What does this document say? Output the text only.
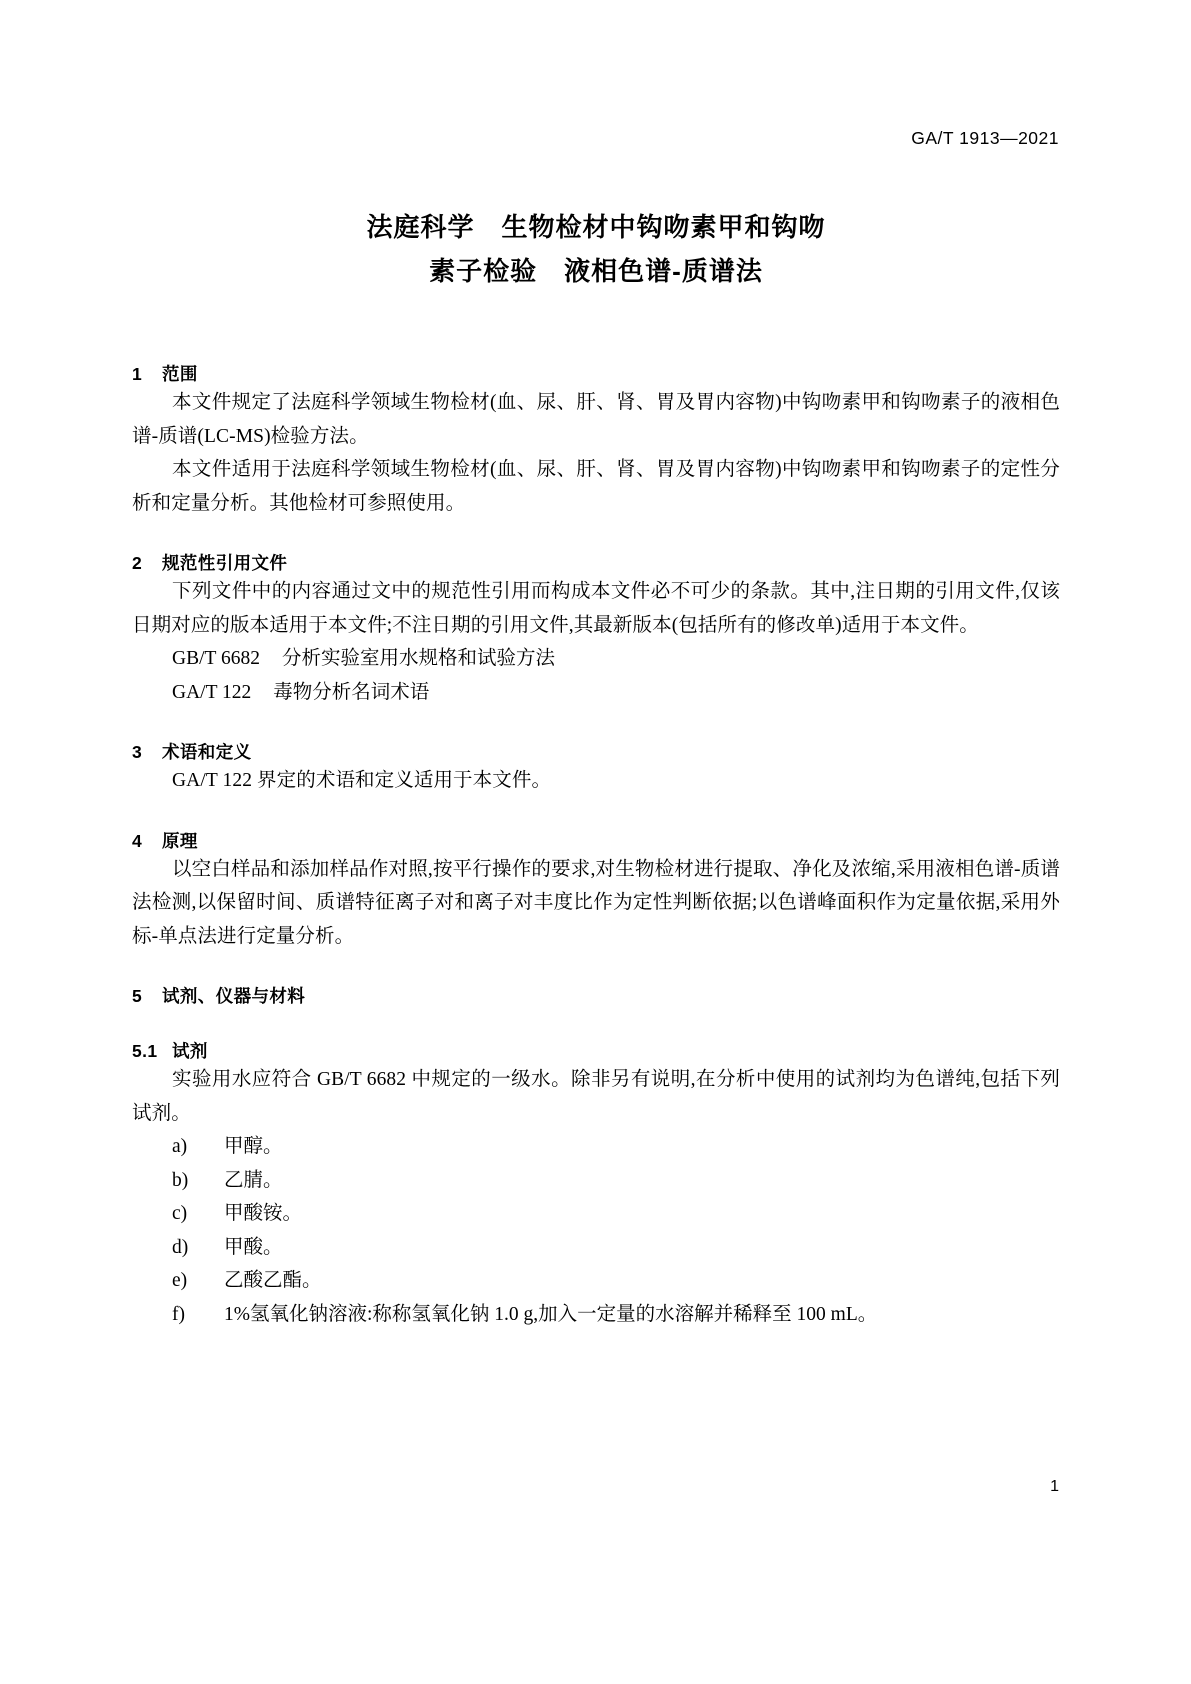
GA/T 1913—2021
法庭科学　生物检材中钩吻素甲和钩吻
素子检验　液相色谱-质谱法
1 范围

本文件规定了法庭科学领域生物检材(血、尿、肝、肾、胃及胃内容物)中钩吻素甲和钩吻素子的液相色谱-质谱(LC-MS)检验方法。

本文件适用于法庭科学领域生物检材(血、尿、肝、肾、胃及胃内容物)中钩吻素甲和钩吻素子的定性分析和定量分析。其他检材可参照使用。

2 规范性引用文件

下列文件中的内容通过文中的规范性引用而构成本文件必不可少的条款。其中,注日期的引用文件,仅该日期对应的版本适用于本文件;不注日期的引用文件,其最新版本(包括所有的修改单)适用于本文件。

GB/T 6682 分析实验室用水规格和试验方法

GA/T 122 毒物分析名词术语

3 术语和定义

GA/T 122 界定的术语和定义适用于本文件。

4 原理

以空白样品和添加样品作对照,按平行操作的要求,对生物检材进行提取、净化及浓缩,采用液相色谱-质谱法检测,以保留时间、质谱特征离子对和离子对丰度比作为定性判断依据;以色谱峰面积作为定量依据,采用外标-单点法进行定量分析。

5 试剂、仪器与材料
5.1 试剂

实验用水应符合 GB/T 6682 中规定的一级水。除非另有说明,在分析中使用的试剂均为色谱纯,包括下列试剂。

a)	甲醇。
b)	乙腈。
c)	甲酸铵。
d)	甲酸。
e)	乙酸乙酯。
f)	1%氢氧化钠溶液:称称氢氧化钠 1.0 g,加入一定量的水溶解并稀释至 100 mL。
1
